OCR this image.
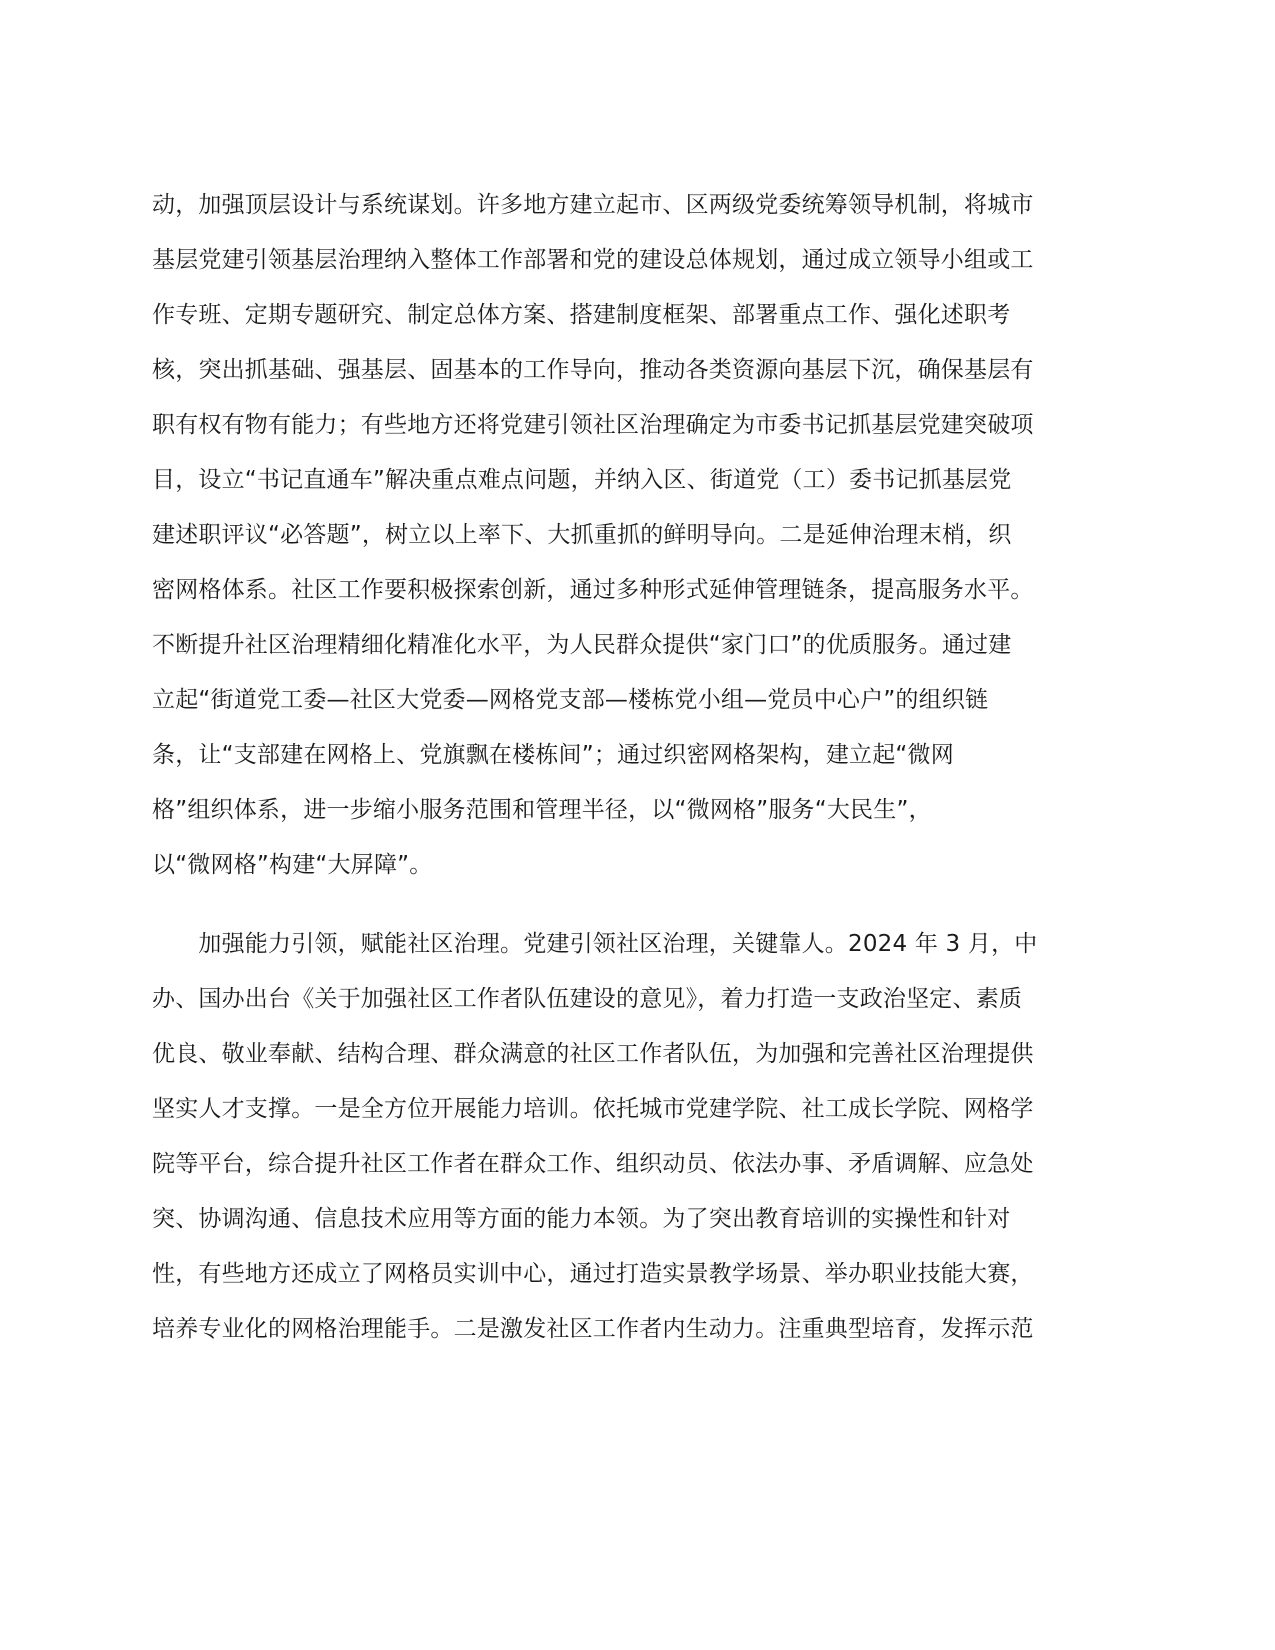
动，加强顶层设计与系统谋划。许多地方建立起市、区两级党委统筹领导机制，将城市
基层党建引领基层治理纳入整体工作部署和党的建设总体规划，通过成立领导小组或工
作专班、定期专题研究、制定总体方案、搭建制度框架、部署重点工作、强化述职考
核，突出抓基础、强基层、固基本的工作导向，推动各类资源向基层下沉，确保基层有
职有权有物有能力；有些地方还将党建引领社区治理确定为市委书记抓基层党建突破项
目，设立“书记直通车”解决重点难点问题，并纳入区、街道党（工）委书记抓基层党
建述职评议“必答题”，树立以上率下、大抓重抓的鲜明导向。二是延伸治理末梢，织
密网格体系。社区工作要积极探索创新，通过多种形式延伸管理链条，提高服务水平。
不断提升社区治理精细化精准化水平，为人民群众提供“家门口”的优质服务。通过建
立起“街道党工委—社区大党委—网格党支部—楼栋党小组—党员中心户”的组织链
条，让“支部建在网格上、党旗飘在楼栋间”；通过织密网格架构，建立起“微网
格”组织体系，进一步缩小服务范围和管理半径，以“微网格”服务“大民生”，
以“微网格”构建“大屏障”。
　　加强能力引领，赋能社区治理。党建引领社区治理，关键靠人。2024 年 3 月，中
办、国办出台《关于加强社区工作者队伍建设的意见》，着力打造一支政治坚定、素质
优良、敬业奉献、结构合理、群众满意的社区工作者队伍，为加强和完善社区治理提供
坚实人才支撑。一是全方位开展能力培训。依托城市党建学院、社工成长学院、网格学
院等平台，综合提升社区工作者在群众工作、组织动员、依法办事、矛盾调解、应急处
突、协调沟通、信息技术应用等方面的能力本领。为了突出教育培训的实操性和针对
性，有些地方还成立了网格员实训中心，通过打造实景教学场景、举办职业技能大赛，
培养专业化的网格治理能手。二是激发社区工作者内生动力。注重典型培育，发挥示范
